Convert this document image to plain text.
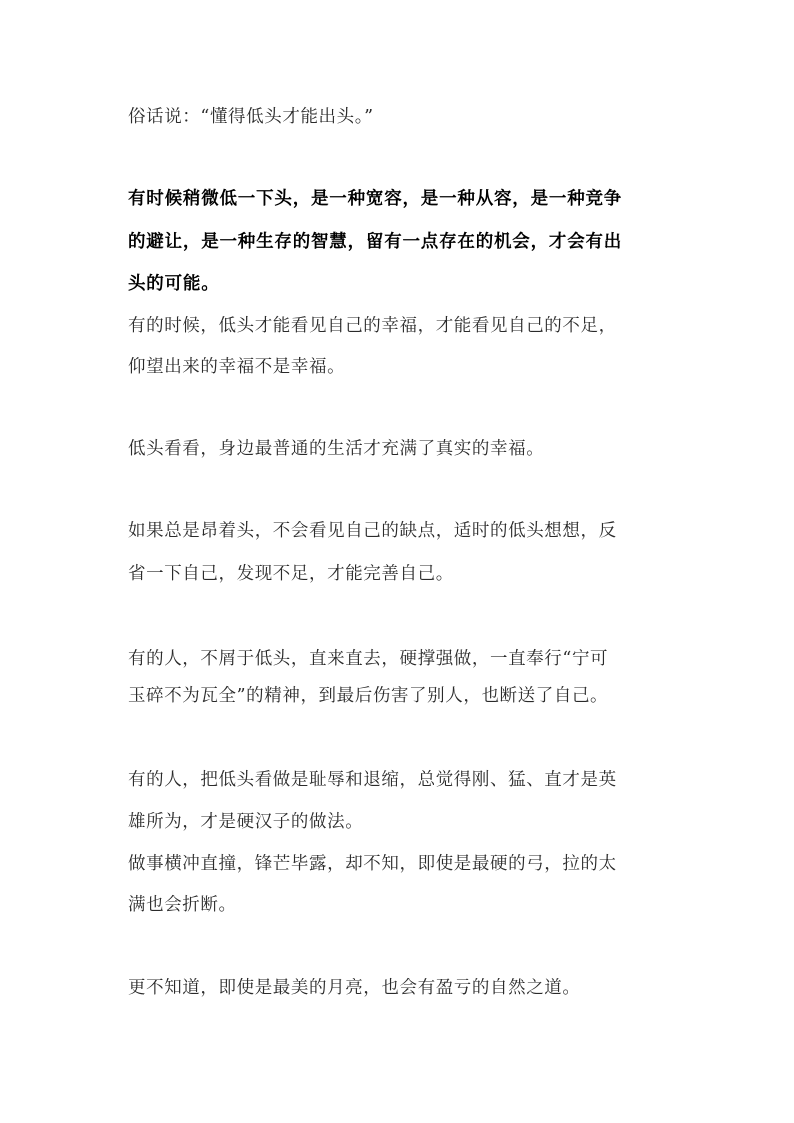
俗话说：“懂得低头才能出头。”
有时候稍微低一下头，是一种宽容，是一种从容，是一种竞争
的避让，是一种生存的智慧，留有一点存在的机会，才会有出
头的可能。
有的时候，低头才能看见自己的幸福，才能看见自己的不足，
仰望出来的幸福不是幸福。
低头看看，身边最普通的生活才充满了真实的幸福。
如果总是昂着头，不会看见自己的缺点，适时的低头想想，反
省一下自己，发现不足，才能完善自己。
有的人，不屑于低头，直来直去，硬撑强做，一直奉行“宁可
玉碎不为瓦全”的精神，到最后伤害了别人，也断送了自己。
有的人，把低头看做是耻辱和退缩，总觉得刚、猛、直才是英
雄所为，才是硬汉子的做法。
做事横冲直撞，锋芒毕露，却不知，即使是最硬的弓，拉的太
满也会折断。
更不知道，即使是最美的月亮，也会有盈亏的自然之道。
